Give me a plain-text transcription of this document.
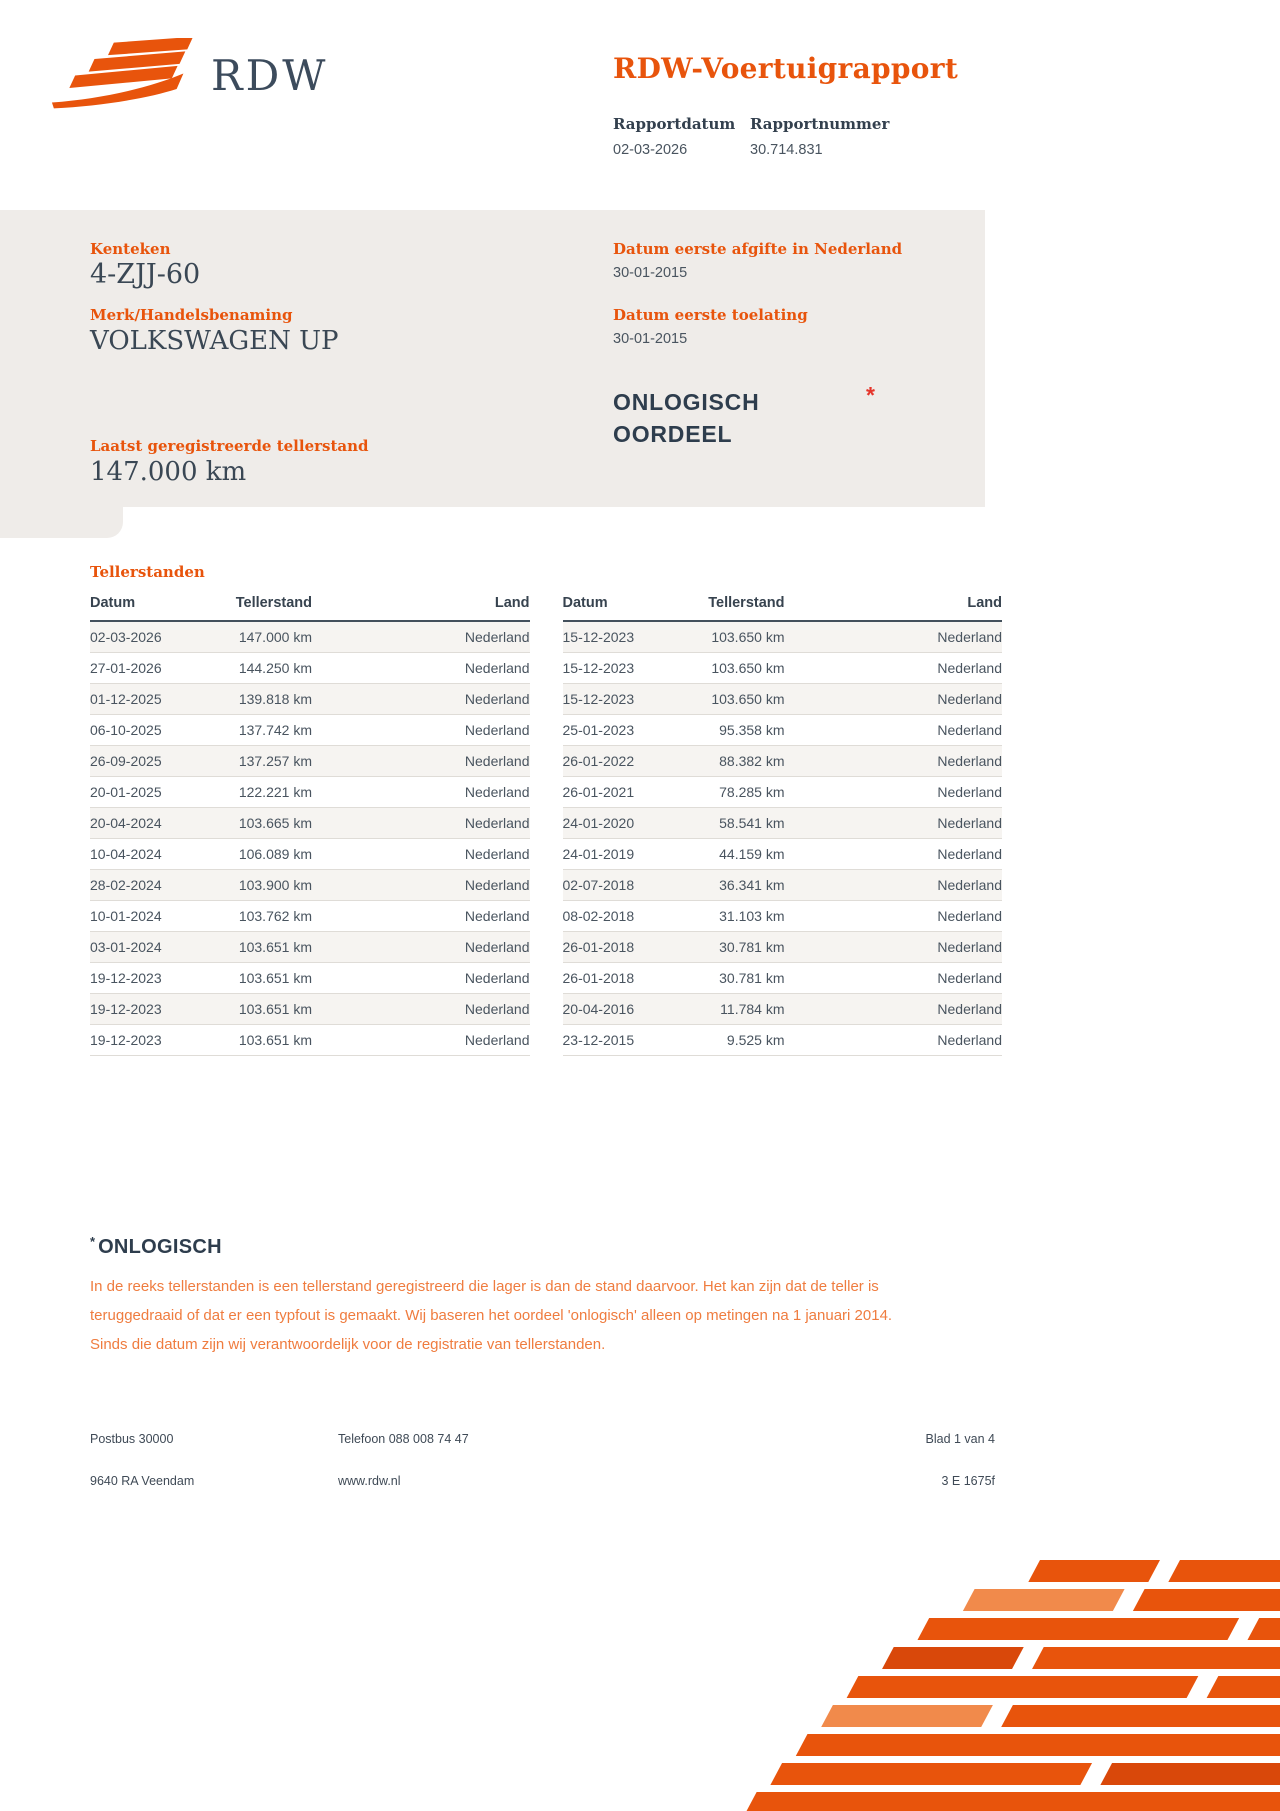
RDW	RDW-Voertuigrapport
Rapportdatum
02-03-2026
Rapportnummer
30.714.831
Kenteken
4-ZJJ-60
Merk/Handelsbenaming
VOLKSWAGEN UP
Laatst geregistreerde tellerstand
147.000 km
Datum eerste afgifte in Nederland
30-01-2015
Datum eerste toelating
30-01-2015
ONLOGISCH
OORDEEL
*
Tellerstanden
Datum	Tellerstand	Land
02-03-2026	147.000 km	Nederland
27-01-2026	144.250 km	Nederland
01-12-2025	139.818 km	Nederland
06-10-2025	137.742 km	Nederland
26-09-2025	137.257 km	Nederland
20-01-2025	122.221 km	Nederland
20-04-2024	103.665 km	Nederland
10-04-2024	106.089 km	Nederland
28-02-2024	103.900 km	Nederland
10-01-2024	103.762 km	Nederland
03-01-2024	103.651 km	Nederland
19-12-2023	103.651 km	Nederland
19-12-2023	103.651 km	Nederland
19-12-2023	103.651 km	Nederland
Datum	Tellerstand	Land
15-12-2023	103.650 km	Nederland
15-12-2023	103.650 km	Nederland
15-12-2023	103.650 km	Nederland
25-01-2023	95.358 km	Nederland
26-01-2022	88.382 km	Nederland
26-01-2021	78.285 km	Nederland
24-01-2020	58.541 km	Nederland
24-01-2019	44.159 km	Nederland
02-07-2018	36.341 km	Nederland
08-02-2018	31.103 km	Nederland
26-01-2018	30.781 km	Nederland
26-01-2018	30.781 km	Nederland
20-04-2016	11.784 km	Nederland
23-12-2015	9.525 km	Nederland
* ONLOGISCH

In de reeks tellerstanden is een tellerstand geregistreerd die lager is dan de stand daarvoor. Het kan zijn dat de teller is teruggedraaid of dat er een typfout is gemaakt. Wij baseren het oordeel 'onlogisch' alleen op metingen na 1 januari 2014. Sinds die datum zijn wij verantwoordelijk voor de registratie van tellerstanden.

Postbus 30000	Telefoon 088 008 74 47	Blad 1 van 4
9640 RA Veendam	www.rdw.nl	3 E 1675f
